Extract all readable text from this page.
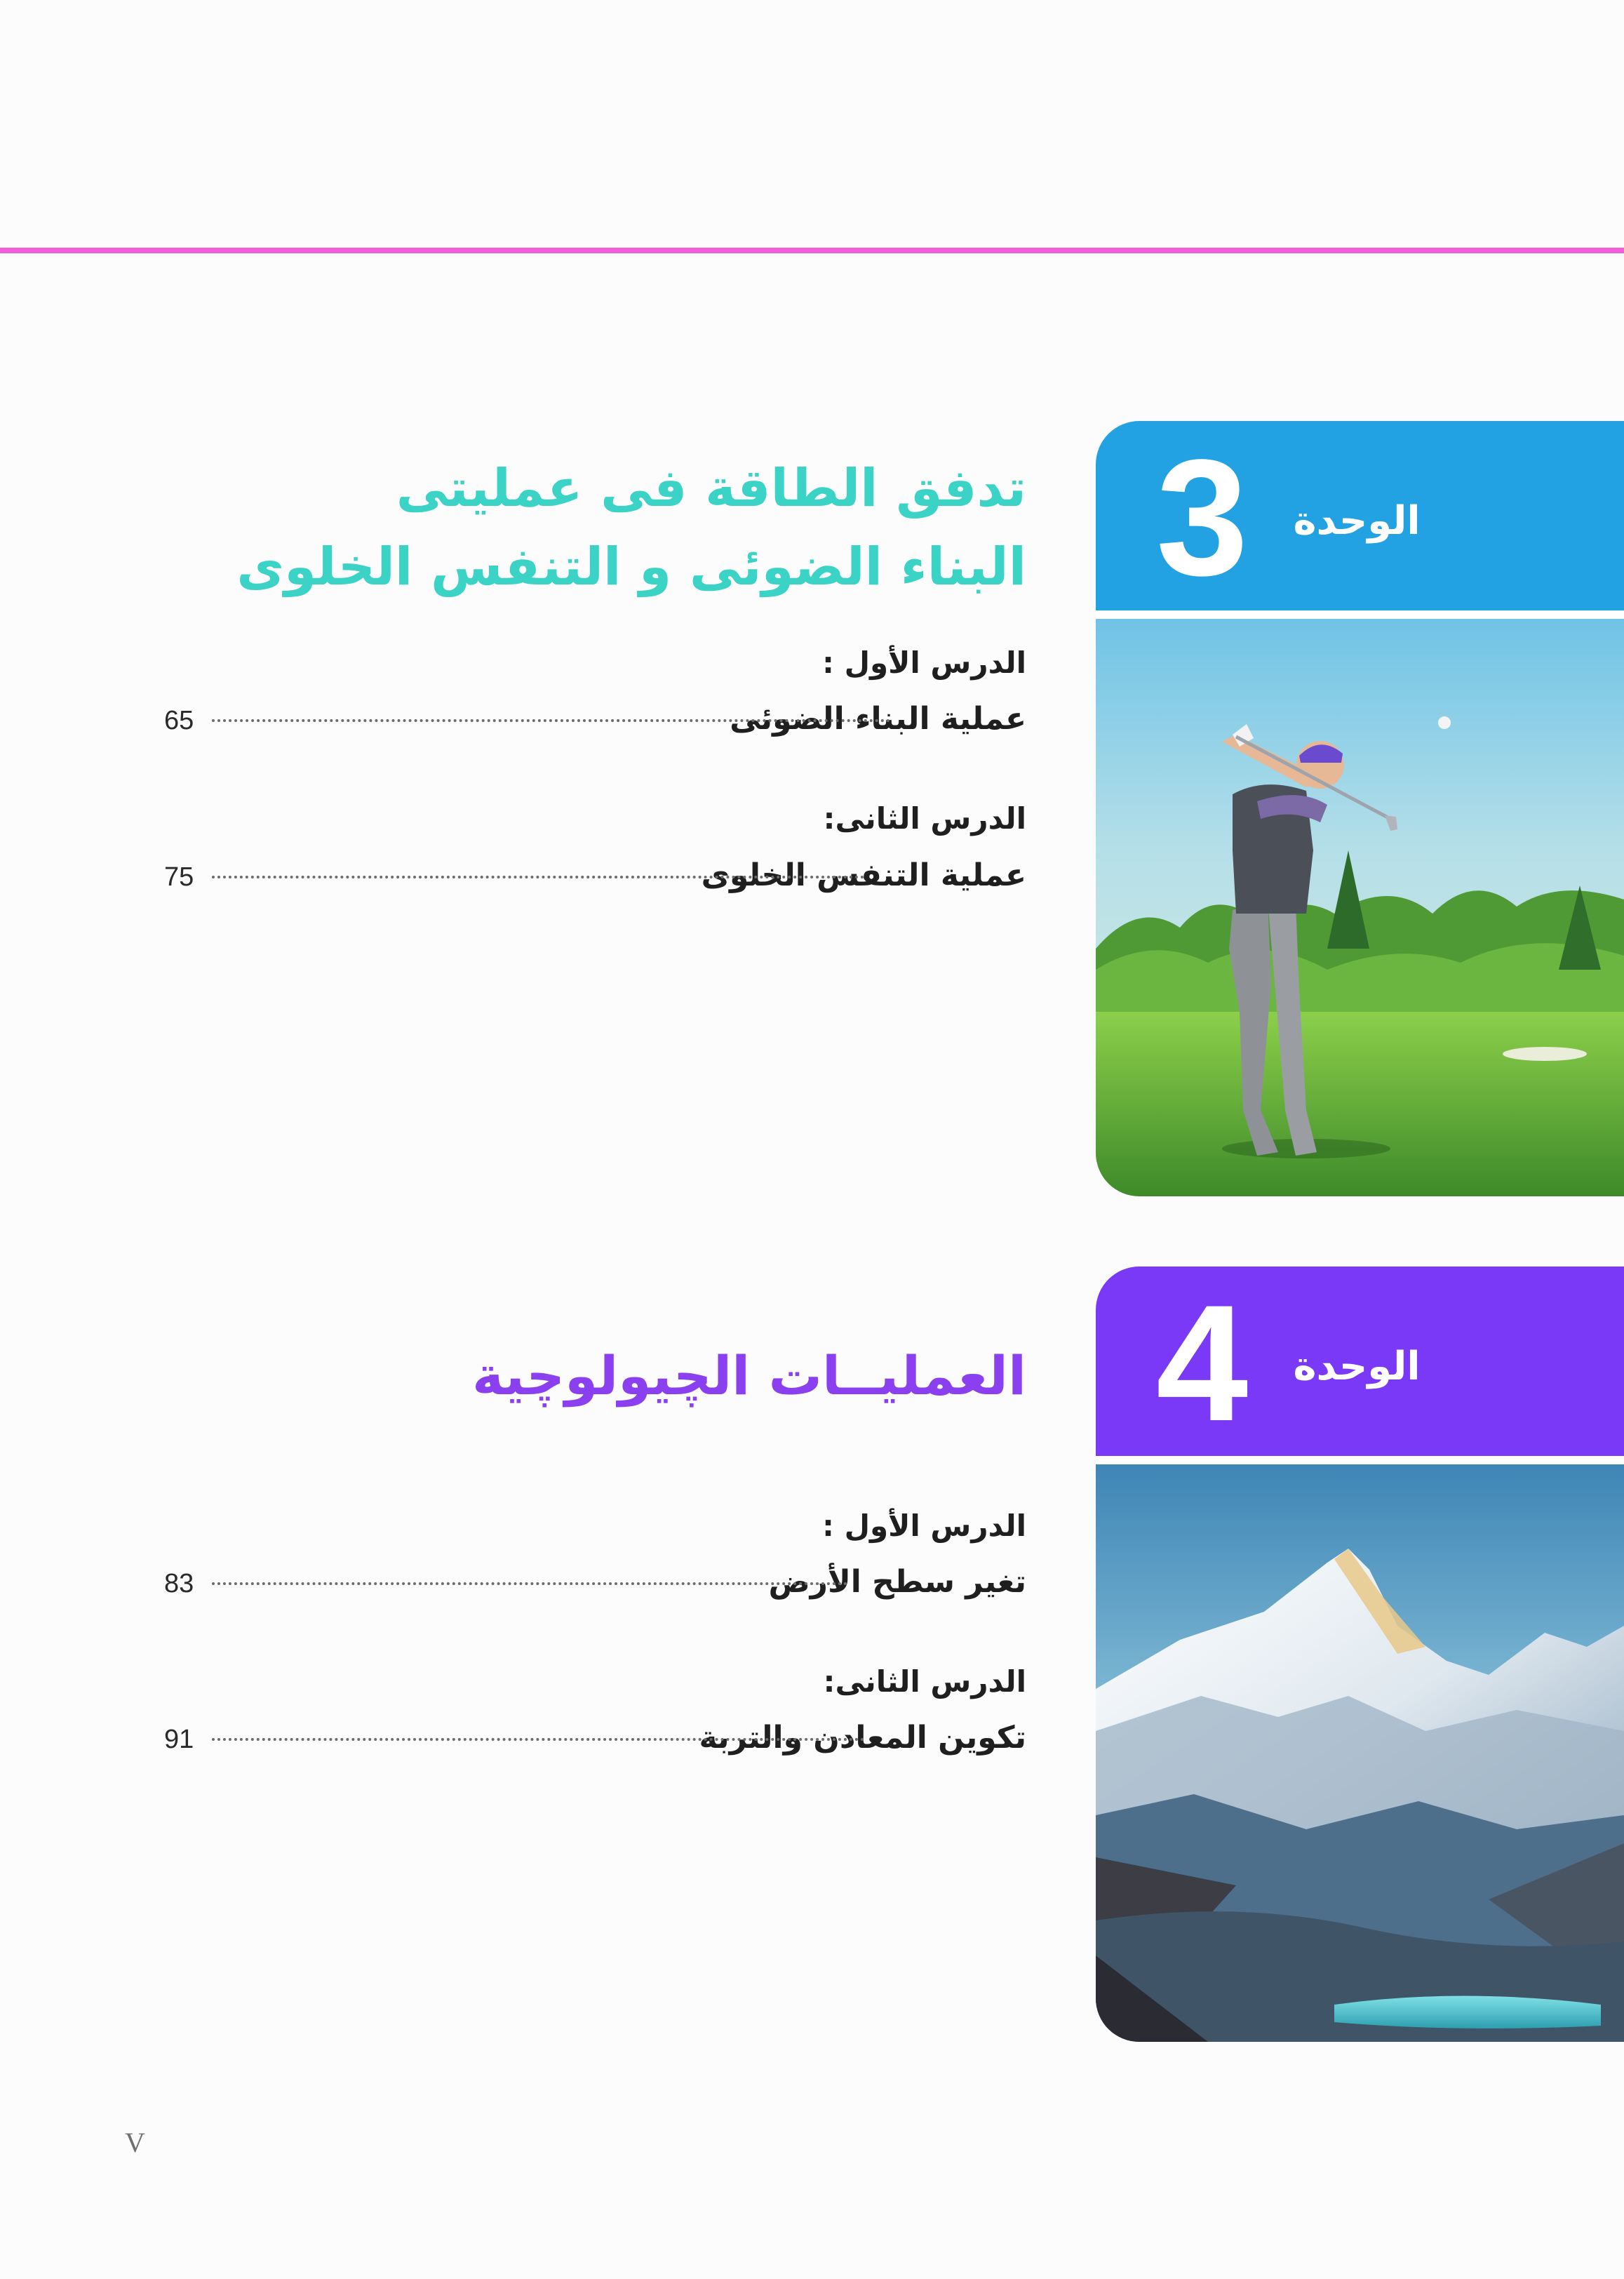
3	الوحدة
تدفق الطاقة فى عمليتى
البناء الضوئى و التنفس الخلوى
الدرس الأول :
عملية البناء الضوئى
65
الدرس الثانى:
عملية التنفس الخلوى
75
4	الوحدة
العمليــات الچيولوچية
الدرس الأول :
تغير سطح الأرض
83
الدرس الثانى:
تكوين المعادن والتربة
91
V
